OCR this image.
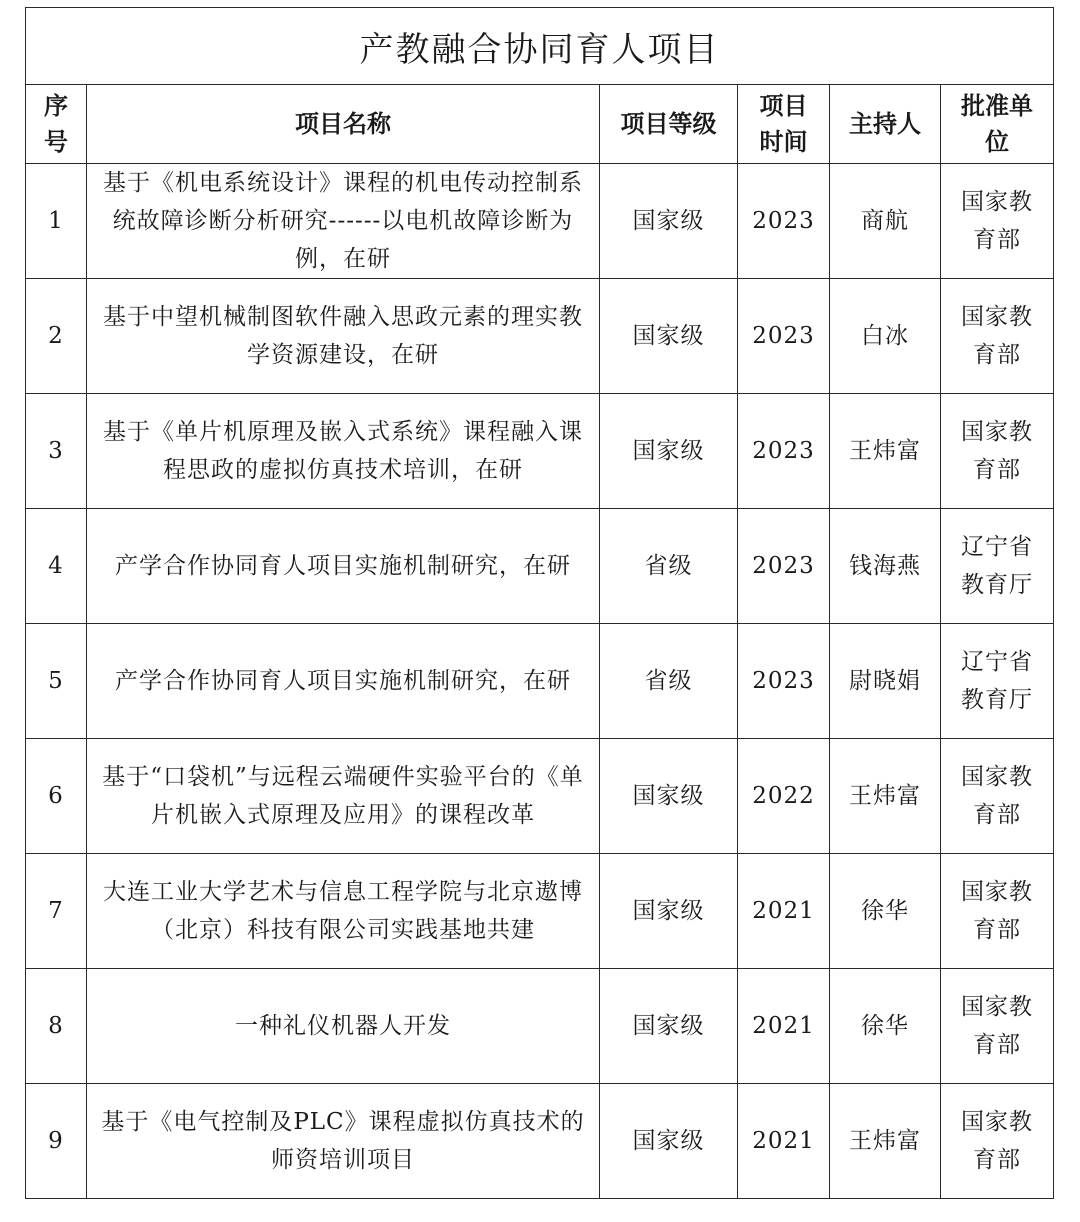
产教融合协同育人项目					
序号	项目名称	项目等级	项目时间	主持人	批准单位
1	基于《机电系统设计》课程的机电传动控制系统故障诊断分析研究------以电机故障诊断为例，在研	国家级	2023	商航	国家教育部
2	基于中望机械制图软件融入思政元素的理实教学资源建设，在研	国家级	2023	白冰	国家教育部
3	基于《单片机原理及嵌入式系统》课程融入课程思政的虚拟仿真技术培训，在研	国家级	2023	王炜富	国家教育部
4	产学合作协同育人项目实施机制研究，在研	省级	2023	钱海燕	辽宁省教育厅
5	产学合作协同育人项目实施机制研究，在研	省级	2023	尉晓娟	辽宁省教育厅
6	基于“口袋机”与远程云端硬件实验平台的《单片机嵌入式原理及应用》的课程改革	国家级	2022	王炜富	国家教育部
7	大连工业大学艺术与信息工程学院与北京遨博（北京）科技有限公司实践基地共建	国家级	2021	徐华	国家教育部
8	一种礼仪机器人开发	国家级	2021	徐华	国家教育部
9	基于《电气控制及PLC》课程虚拟仿真技术的师资培训项目	国家级	2021	王炜富	国家教育部
